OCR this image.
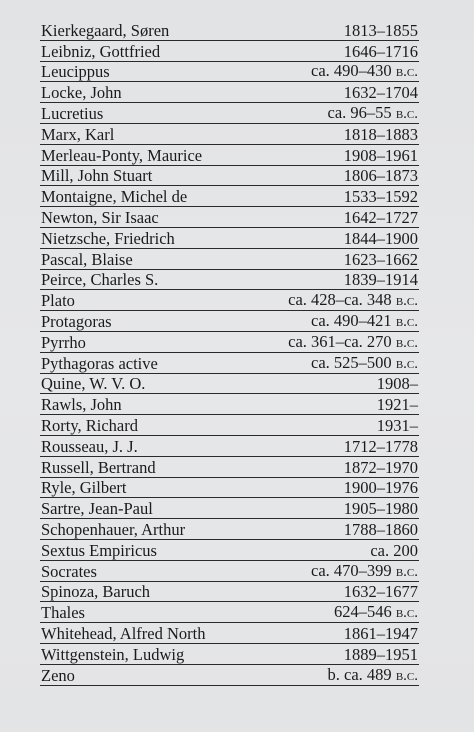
Kierkegaard, Søren	1813–1855
Leibniz, Gottfried	1646–1716
Leucippus	ca. 490–430 b.c.
Locke, John	1632–1704
Lucretius	ca. 96–55 b.c.
Marx, Karl	1818–1883
Merleau-Ponty, Maurice	1908–1961
Mill, John Stuart	1806–1873
Montaigne, Michel de	1533–1592
Newton, Sir Isaac	1642–1727
Nietzsche, Friedrich	1844–1900
Pascal, Blaise	1623–1662
Peirce, Charles S.	1839–1914
Plato	ca. 428–ca. 348 b.c.
Protagoras	ca. 490–421 b.c.
Pyrrho	ca. 361–ca. 270 b.c.
Pythagoras active	ca. 525–500 b.c.
Quine, W. V. O.	1908–
Rawls, John	1921–
Rorty, Richard	1931–
Rousseau, J. J.	1712–1778
Russell, Bertrand	1872–1970
Ryle, Gilbert	1900–1976
Sartre, Jean-Paul	1905–1980
Schopenhauer, Arthur	1788–1860
Sextus Empiricus	ca. 200
Socrates	ca. 470–399 b.c.
Spinoza, Baruch	1632–1677
Thales	624–546 b.c.
Whitehead, Alfred North	1861–1947
Wittgenstein, Ludwig	1889–1951
Zeno	b. ca. 489 b.c.
